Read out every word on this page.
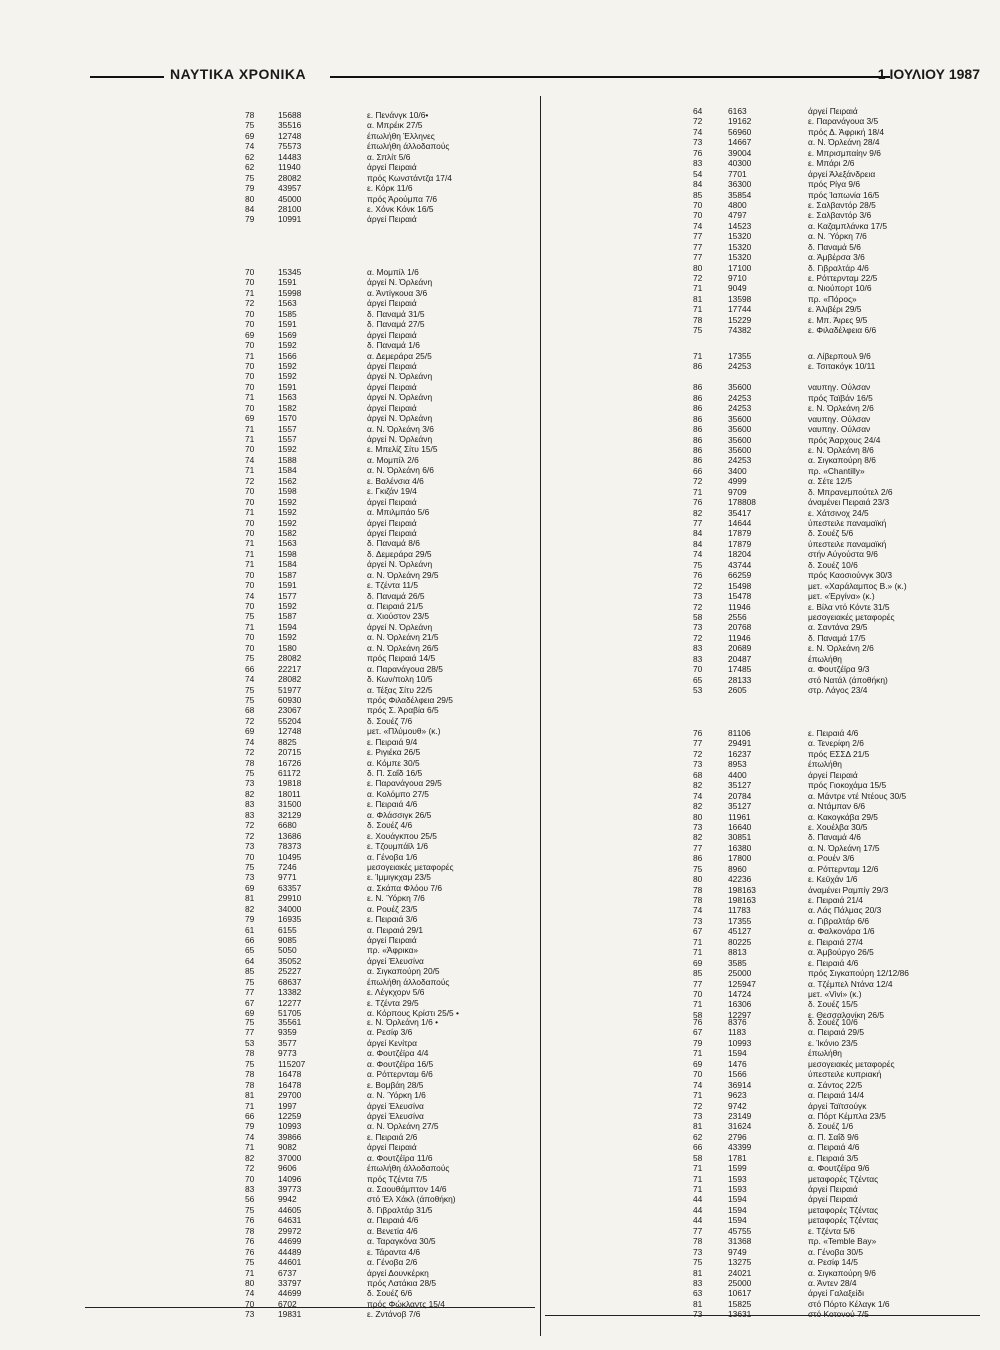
ΝΑΥΤΙΚΑ ΧΡΟΝΙΚΑ	1 ΙΟΥΛΙΟΥ 1987
78	15688	ε. Πενάνγκ 10/6•
75	35516	α. Μπρέικ 27/5
69	12748	έπωλήθη Έλληνες
74	75573	έπωλήθη άλλοδαπούς
62	14483	α. Σπλίτ 5/6
62	11940	άργεί Πειραιά
75	28082	πρός Κωνστάντζα 17/4
79	43957	ε. Κόρκ 11/6
80	45000	πρός Άρούμπα 7/6
84	28100	ε. Χόνκ Κόνκ 16/5
79	10991	άργεί Πειραιά
70	15345	α. Μομπίλ 1/6
70	1591	άργεί Ν. Όρλεάνη
71	15998	α. Άντίγκουα 3/6
72	1563	άργεί Πειραιά
70	1585	δ. Παναμά 31/5
70	1591	δ. Παναμά 27/5
69	1569	άργεί Πειραιά
70	1592	δ. Παναμά 1/6
71	1566	α. Δεμεράρα 25/5
70	1592	άργεί Πειραιά
70	1592	άργεί Ν. Όρλεάνη
70	1591	άργεί Πειραιά
71	1563	άργεί Ν. Όρλεάνη
70	1582	άργεί Πειραιά
69	1570	άργεί Ν. Όρλεάνη
71	1557	α. Ν. Όρλεάνη 3/6
71	1557	άργεί Ν. Όρλεάνη
70	1592	ε. Μπελίζ Σίτυ 15/5
74	1588	α. Μομπίλ 2/6
71	1584	α. Ν. Όρλεάνη 6/6
72	1562	ε. Βαλένσια 4/6
70	1598	ε. Γκιζάν 19/4
70	1592	άργεί Πειραιά
71	1592	α. Μπιλμπάο 5/6
70	1592	άργεί Πειραιά
70	1582	άργεί Πειραιά
71	1563	δ. Παναμά 8/6
71	1598	δ. Δεμεράρα 29/5
71	1584	άργεί Ν. Όρλεάνη
70	1587	α. Ν. Όρλεάνη 29/5
70	1591	ε. Τζέντα 11/5
74	1577	δ. Παναμά 26/5
70	1592	α. Πειραιά 21/5
75	1587	α. Χιούστον 23/5
71	1594	άργεί Ν. Όρλεάνη
70	1592	α. Ν. Όρλεάνη 21/5
70	1580	α. Ν. Όρλεάνη 26/5
75	28082	πρός Πειραιά 14/5
66	22217	α. Παρανάγουα 28/5
74	28082	δ. Κων/πολη 10/5
75	51977	α. Τέξας Σίτυ 22/5
75	60930	πρός Φιλαδέλφεια 29/5
68	23067	πρός Σ. Άραβία 6/5
72	55204	δ. Σουέζ 7/6
69	12748	μετ. «Πλύμουθ» (κ.)
74	8825	ε. Πειραιά 9/4
72	20715	ε. Ριγιέκα 26/5
78	16726	α. Κόμπε 30/5
75	61172	δ. Π. Σαΐδ 16/5
73	19818	ε. Παρανάγουα 29/5
82	18011	α. Κολόμπο 27/5
83	31500	ε. Πειραιά 4/6
83	32129	α. Φλάσσιγκ 26/5
72	6680	δ. Σουέζ 4/6
72	13686	ε. Χουάγκπου 25/5
73	78373	ε. Τζουμπάϊλ 1/6
70	10495	α. Γένοβα 1/6
75	7246	μεσογειακές μεταφορές
73	9771	ε. Ίμμιγκχαμ 23/5
69	63357	α. Σκάπα Φλόου 7/6
81	29910	ε. Ν. Ύόρκη 7/6
82	34000	α. Ρουέζ 23/5
79	16935	ε. Πειραιά 3/6
61	6155	α. Πειραιά 29/1
66	9085	άργεί Πειραιά
65	5050	πρ. «Άφρικα»
64	35052	άργεί Έλευσίνα
85	25227	α. Σιγκαπούρη 20/5
75	68637	έπωλήθη άλλοδαπούς
77	13382	ε. Λέγκχορν 5/6
67	12277	ε. Τζέντα 29/5
69	51705	α. Κόρπους Κρίστι 25/5 •
75	35561	ε. Ν. Όρλεάνη 1/6 •
77	9359	α. Ρεσίφ 3/6
53	3577	άργεί Κενίτρα
78	9773	α. Φουτζέϊρα 4/4
75	115207	α. Φουτζέϊρα 16/5
78	16478	α. Ρόττερνταμ 6/6
78	16478	ε. Βομβάη 28/5
81	29700	α. Ν. Ύόρκη 1/6
71	1997	άργεί Έλευσίνα
66	12259	άργεί Έλευσίνα
79	10993	α. Ν. Όρλεάνη 27/5
74	39866	ε. Πειραιά 2/6
71	9082	άργεί Πειραιά
82	37000	α. Φουτζέϊρα 11/6
72	9606	έπωλήθη άλλοδαπούς
70	14096	πρός Τζέντα 7/5
83	39773	α. Σαουθάμπτον 14/6
56	9942	στό Έλ Χάκλ (άποθήκη)
75	44605	δ. Γιβραλτάρ 31/5
76	64631	α. Πειραιά 4/6
78	29972	α. Βενετία 4/6
76	44699	α. Ταραγκόνα 30/5
76	44489	ε. Τάραντα 4/6
75	44601	α. Γένοβα 2/6
71	6737	άργεί Δουνκέρκη
80	33797	πρός Λατάκια 28/5
74	44699	δ. Σουέζ 6/6
70	6702	πρός Φώκλαντς 15/4
73	19831	ε. Ζντάνοβ 7/6
64	6163	άργεί Πειραιά
72	19162	ε. Παρανάγουα 3/5
74	56960	πρός Δ. Άφρική 18/4
73	14667	α. Ν. Όρλεάνη 28/4
76	39004	ε. Μπρισμπαίην 9/6
83	40300	ε. Μπάρι 2/6
54	7701	άργεί Άλεξάνδρεια
84	36300	πρός Ρίγα 9/6
85	35854	πρός Ίαπωνία 16/5
70	4800	ε. Σαλβαντόρ 28/5
70	4797	ε. Σαλβαντόρ 3/6
74	14523	α. Καζαμπλάνκα 17/5
77	15320	α. Ν. Ύόρκη 7/6
77	15320	δ. Παναμά 5/6
77	15320	α. Άμβέρσα 3/6
80	17100	δ. Γιβραλτάρ 4/6
72	9710	ε. Ρόττερνταμ 22/5
71	9049	α. Νιούπορτ 10/6
81	13598	πρ. «Πόρος»
71	17744	ε. Άλιβέρι 29/5
78	15229	ε. Μπ. Άιρες 9/5
75	74382	ε. Φιλαδέλφεια 6/6
71	17355	α. Λίβερπουλ 9/6
86	24253	ε. Τσιτακόγκ 10/11
86	35600	ναυπηγ. Ούλσαν
86	24253	πρός Ταϊβάν 16/5
86	24253	ε. Ν. Όρλεάνη 2/6
86	35600	ναυπηγ. Ούλσαν
86	35600	ναυπηγ. Ούλσαν
86	35600	πρός Άαρχους 24/4
86	35600	ε. Ν. Όρλεάνη 8/6
86	24253	α. Σιγκαπούρη 8/6
66	3400	πρ. «Chantilly»
72	4999	α. Σέτε 12/5
71	9709	δ. Μπρανεμπούτελ 2/6
76	178808	άναμένει Πειραιά 23/3
82	35417	ε. Χάτσινοχ 24/5
77	14644	ύπεστειλε παναμαϊκή
84	17879	δ. Σουέζ 5/6
84	17879	ύπεστειλε παναμαϊκή
74	18204	στήν Αύγούστα 9/6
75	43744	δ. Σουέζ 10/6
76	66259	πρός Καοσιούνγκ 30/3
72	15498	μετ. «Χαράλαμπος Β.» (κ.)
73	15478	μετ. «Έργίνα» (κ.)
72	11946	ε. Βίλα ντό Κόντε 31/5
58	2556	μεσογειακές μεταφορές
73	20768	α. Σαντάνα 29/5
72	11946	δ. Παναμά 17/5
83	20689	ε. Ν. Όρλεάνη 2/6
83	20487	έπωλήθη
70	17485	α. Φουτζέϊρα 9/3
65	28133	στό Νατάλ (άποθήκη)
53	2605	στρ. Λάγος 23/4
76	81106	ε. Πειραιά 4/6
77	29491	α. Τενερίφη 2/6
72	16237	πρός ΕΣΣΔ 21/5
73	8953	έπωλήθη
68	4400	άργεί Πειραιά
82	35127	πρός Γιοκοχάμα 15/5
74	20784	α. Μάντρε ντέ Ντέους 30/5
82	35127	α. Ντάμπαν 6/6
80	11961	α. Κακογκάβα 29/5
73	16640	ε. Χουέλβα 30/5
82	30851	δ. Παναμά 4/6
77	16380	α. Ν. Όρλεάνη 17/5
86	17800	α. Ρουέν 3/6
75	8960	α. Ρόττερνταμ 12/6
80	42236	ε. Κεϋχάν 1/6
78	198163	άναμένει Ραμπίγ 29/3
78	198163	ε. Πειραιά 21/4
74	11783	α. Λάς Πάλμας 20/3
73	17355	α. Γιβραλτάρ 6/6
67	45127	α. Φαλκονάρα 1/6
71	80225	ε. Πειραιά 27/4
71	8813	α. Άμβούργο 26/5
69	3585	ε. Πειραιά 4/6
85	25000	πρός Σιγκαπούρη 12/12/86
77	125947	α. Τζέμπελ Ντάνα 12/4
70	14724	μετ. «Vivi» (κ.)
71	16306	δ. Σουέζ 15/5
58	12297	ε. Θεσσαλονίκη 26/5
76	8376	δ. Σουέζ 10/6
67	1183	α. Πειραιά 29/5
79	10993	ε. Ίκόνιο 23/5
71	1594	έπωλήθη
69	1476	μεσογειακές μεταφορές
70	1566	ύπεστειλε κυπριακή
74	36914	α. Σάντος 22/5
71	9623	α. Πειραιά 14/4
72	9742	άργεί Ταϊτσούγκ
73	23149	α. Πόρτ Κέμπλα 23/5
81	31624	δ. Σουέζ 1/6
62	2796	α. Π. Σαΐδ 9/6
66	43399	α. Πειραιά 4/6
58	1781	ε. Πειραιά 3/5
71	1599	α. Φουτζέϊρα 9/6
71	1593	μεταφορές Τζέντας
71	1593	άργεί Πειραιά
44	1594	άργεί Πειραιά
44	1594	μεταφορές Τζέντας
44	1594	μεταφορές Τζέντας
77	45755	ε. Τζέντα 5/6
78	31368	πρ. «Temble Bay»
73	9749	α. Γένοβα 30/5
75	13275	α. Ρεσίφ 14/5
81	24021	α. Σιγκαπούρη 9/6
83	25000	α. Άντεν 28/4
63	10617	άργεί Γαλαξείδι
81	15825	στό Πόρτο Κέλαγκ 1/6
73	13631	στό Κοτονού 7/5
